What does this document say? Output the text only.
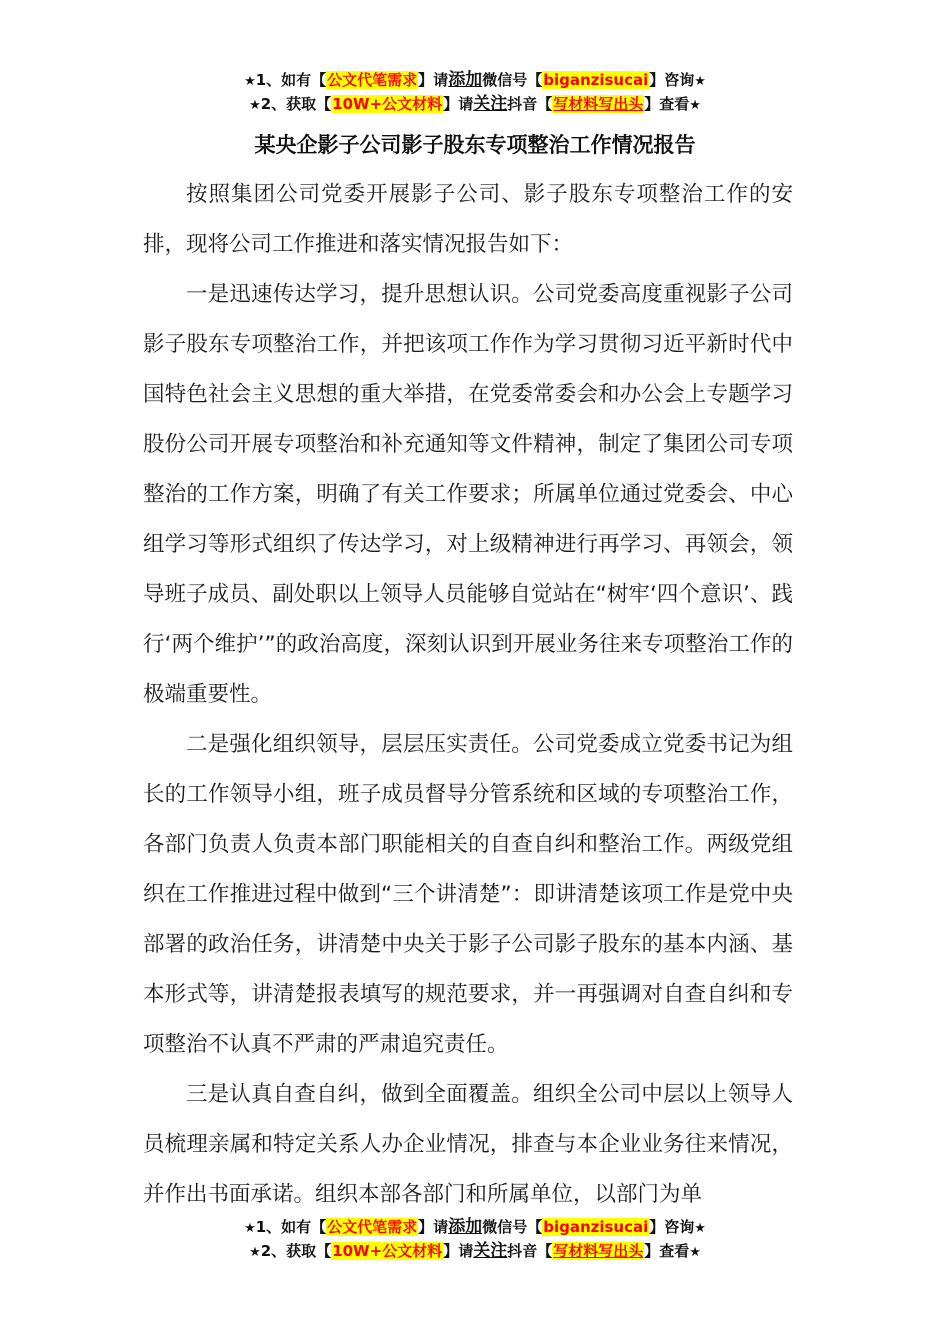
★1、如有【公文代笔需求】请添加微信号【biganzisucai】咨询★
★2、获取【10W+公文材料】请关注抖音【写材料写出头】查看★
某央企影子公司影子股东专项整治工作情况报告

按照集团公司党委开展影子公司、影子股东专项整治工作的安排，现将公司工作推进和落实情况报告如下：

一是迅速传达学习，提升思想认识。公司党委高度重视影子公司影子股东专项整治工作，并把该项工作作为学习贯彻习近平新时代中国特色社会主义思想的重大举措，在党委常委会和办公会上专题学习股份公司开展专项整治和补充通知等文件精神，制定了集团公司专项整治的工作方案，明确了有关工作要求；所属单位通过党委会、中心组学习等形式组织了传达学习，对上级精神进行再学习、再领会，领导班子成员、副处职以上领导人员能够自觉站在“树牢‘四个意识’、践行‘两个维护’”的政治高度，深刻认识到开展业务往来专项整治工作的极端重要性。

二是强化组织领导，层层压实责任。公司党委成立党委书记为组长的工作领导小组，班子成员督导分管系统和区域的专项整治工作，各部门负责人负责本部门职能相关的自查自纠和整治工作。两级党组织在工作推进过程中做到“三个讲清楚”：即讲清楚该项工作是党中央部署的政治任务，讲清楚中央关于影子公司影子股东的基本内涵、基本形式等，讲清楚报表填写的规范要求，并一再强调对自查自纠和专项整治不认真不严肃的严肃追究责任。

三是认真自查自纠，做到全面覆盖。组织全公司中层以上领导人员梳理亲属和特定关系人办企业情况，排查与本企业业务往来情况，并作出书面承诺。组织本部各部门和所属单位，以部门为单

★1、如有【公文代笔需求】请添加微信号【biganzisucai】咨询★
★2、获取【10W+公文材料】请关注抖音【写材料写出头】查看★
